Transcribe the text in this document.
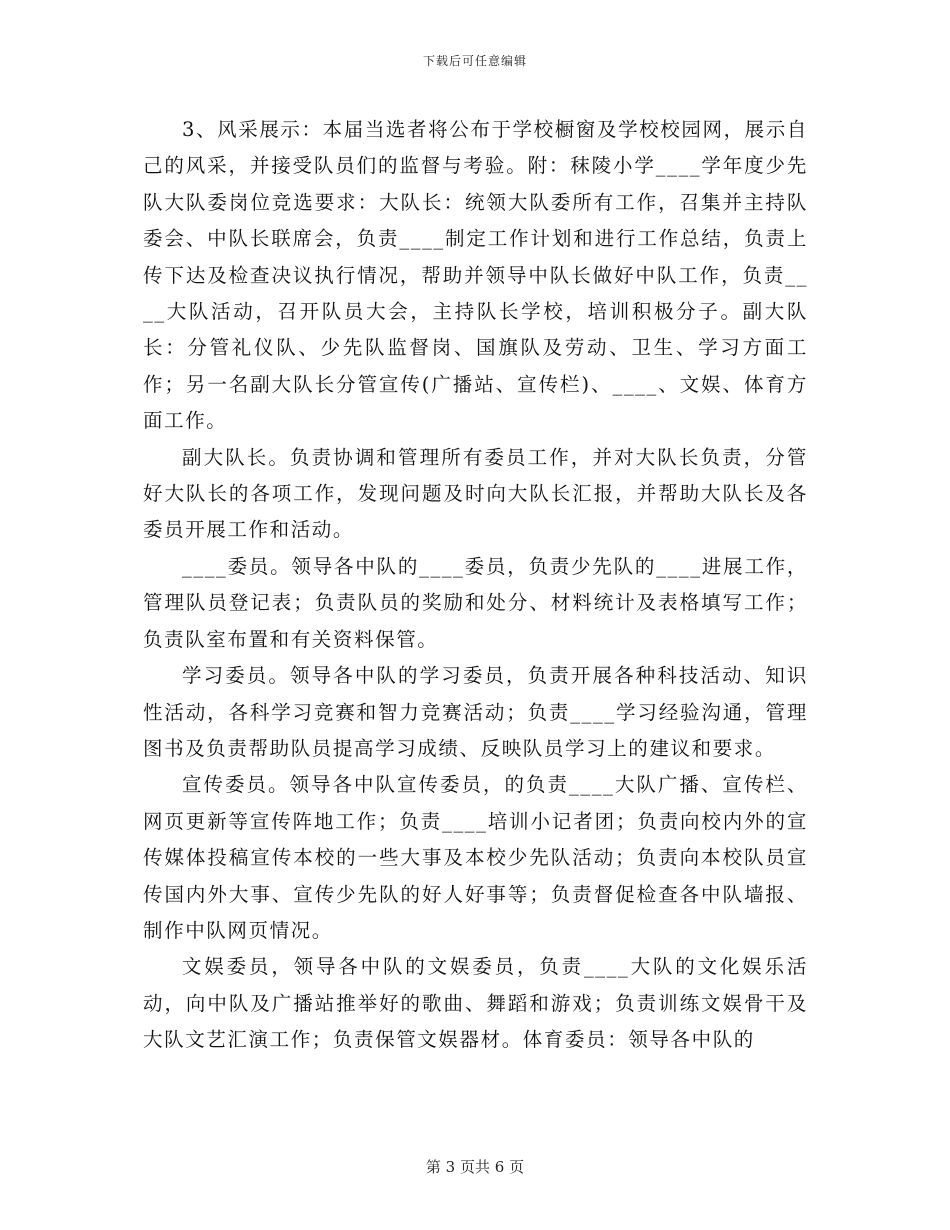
下载后可任意编辑

3、风采展示：本届当选者将公布于学校橱窗及学校校园网，展示自己的风采，并接受队员们的监督与考验。附：秣陵小学____学年度少先队大队委岗位竞选要求：大队长：统领大队委所有工作，召集并主持队委会、中队长联席会，负责____制定工作计划和进行工作总结，负责上传下达及检查决议执行情况，帮助并领导中队长做好中队工作，负责____大队活动，召开队员大会，主持队长学校，培训积极分子。副大队长：分管礼仪队、少先队监督岗、国旗队及劳动、卫生、学习方面工作；另一名副大队长分管宣传(广播站、宣传栏)、____、文娱、体育方面工作。

副大队长。负责协调和管理所有委员工作，并对大队长负责，分管好大队长的各项工作，发现问题及时向大队长汇报，并帮助大队长及各委员开展工作和活动。

____委员。领导各中队的____委员，负责少先队的____进展工作，管理队员登记表；负责队员的奖励和处分、材料统计及表格填写工作；负责队室布置和有关资料保管。

学习委员。领导各中队的学习委员，负责开展各种科技活动、知识性活动，各科学习竞赛和智力竞赛活动；负责____学习经验沟通，管理图书及负责帮助队员提高学习成绩、反映队员学习上的建议和要求。

宣传委员。领导各中队宣传委员，的负责____大队广播、宣传栏、网页更新等宣传阵地工作；负责____培训小记者团；负责向校内外的宣传媒体投稿宣传本校的一些大事及本校少先队活动；负责向本校队员宣传国内外大事、宣传少先队的好人好事等；负责督促检查各中队墙报、制作中队网页情况。

文娱委员，领导各中队的文娱委员，负责____大队的文化娱乐活动，向中队及广播站推举好的歌曲、舞蹈和游戏；负责训练文娱骨干及大队文艺汇演工作；负责保管文娱器材。体育委员：领导各中队的

第 3 页共 6 页
